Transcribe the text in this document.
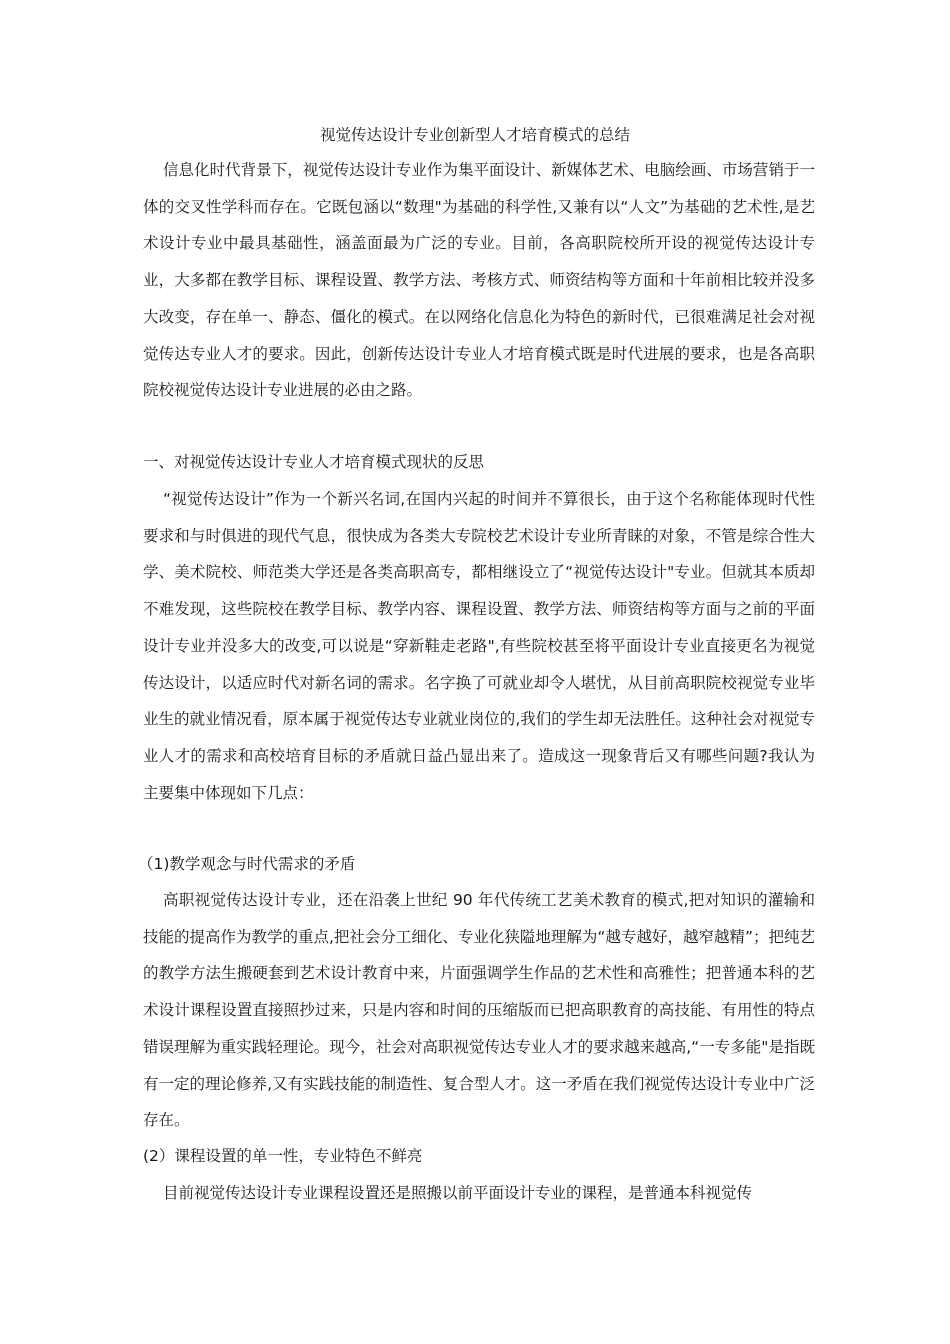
视觉传达设计专业创新型人才培育模式的总结

信息化时代背景下，视觉传达设计专业作为集平面设计、新媒体艺术、电脑绘画、市场营销于一体的交叉性学科而存在。它既包涵以“数理"为基础的科学性,又兼有以“人文”为基础的艺术性,是艺术设计专业中最具基础性，涵盖面最为广泛的专业。目前，各高职院校所开设的视觉传达设计专业，大多都在教学目标、课程设置、教学方法、考核方式、师资结构等方面和十年前相比较并没多大改变，存在单一、静态、僵化的模式。在以网络化信息化为特色的新时代，已很难满足社会对视觉传达专业人才的要求。因此，创新传达设计专业人才培育模式既是时代进展的要求，也是各高职院校视觉传达设计专业进展的必由之路。

一、对视觉传达设计专业人才培育模式现状的反思

“视觉传达设计”作为一个新兴名词,在国内兴起的时间并不算很长，由于这个名称能体现时代性要求和与时俱进的现代气息，很快成为各类大专院校艺术设计专业所青睐的对象，不管是综合性大学、美术院校、师范类大学还是各类高职高专，都相继设立了“视觉传达设计"专业。但就其本质却不难发现，这些院校在教学目标、教学内容、课程设置、教学方法、师资结构等方面与之前的平面设计专业并没多大的改变,可以说是“穿新鞋走老路",有些院校甚至将平面设计专业直接更名为视觉传达设计，以适应时代对新名词的需求。名字换了可就业却令人堪忧，从目前高职院校视觉专业毕业生的就业情况看，原本属于视觉传达专业就业岗位的,我们的学生却无法胜任。这种社会对视觉专业人才的需求和高校培育目标的矛盾就日益凸显出来了。造成这一现象背后又有哪些问题?我认为主要集中体现如下几点：

（1)教学观念与时代需求的矛盾

高职视觉传达设计专业，还在沿袭上世纪 90 年代传统工艺美术教育的模式,把对知识的灌输和技能的提高作为教学的重点,把社会分工细化、专业化狭隘地理解为“越专越好，越窄越精”；把纯艺的教学方法生搬硬套到艺术设计教育中来，片面强调学生作品的艺术性和高雅性；把普通本科的艺术设计课程设置直接照抄过来，只是内容和时间的压缩版而已把高职教育的高技能、有用性的特点错误理解为重实践轻理论。现今，社会对高职视觉传达专业人才的要求越来越高,“一专多能"是指既有一定的理论修养,又有实践技能的制造性、复合型人才。这一矛盾在我们视觉传达设计专业中广泛存在。

(2）课程设置的单一性，专业特色不鲜亮

目前视觉传达设计专业课程设置还是照搬以前平面设计专业的课程，是普通本科视觉传
